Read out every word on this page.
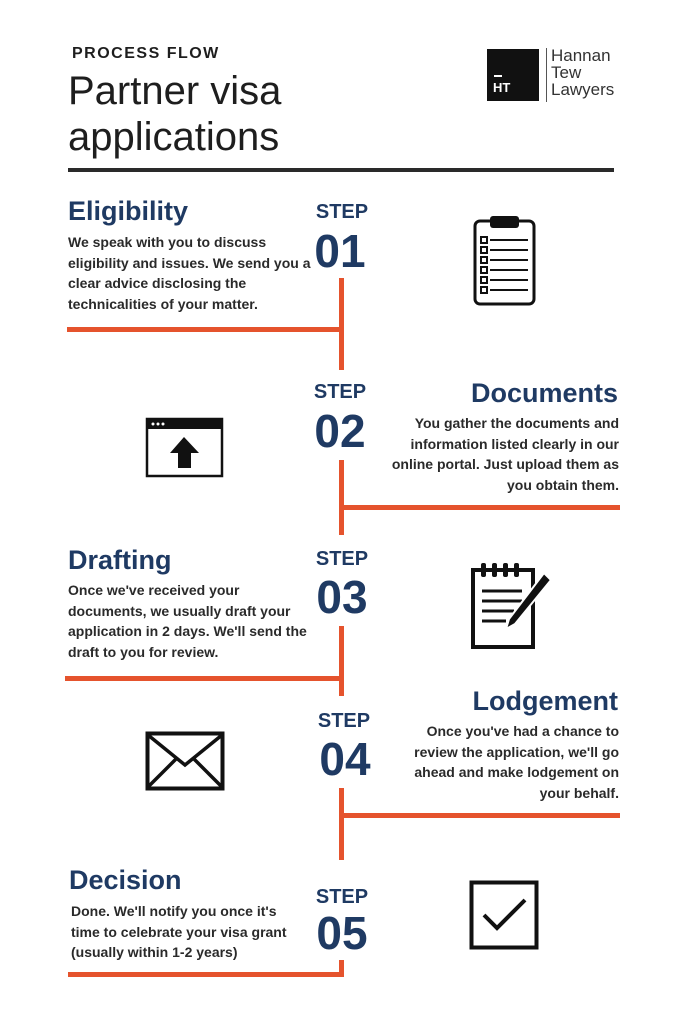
PROCESS FLOW
Partner visa applications
HT
Hannan
Tew
Lawyers
Eligibility
We speak with you to discuss eligibility and issues. We send you a clear advice disclosing the technicalities of your matter.
STEP
01
Documents
You gather the documents and information listed clearly in our online portal. Just upload them as you obtain them.
STEP
02
Drafting
Once we've received your documents, we usually draft your application in 2 days. We'll send the draft to you for review.
STEP
03
Lodgement
Once you've had a chance to review the application, we'll go ahead and make lodgement on your behalf.
STEP
04
Decision
Done. We'll notify you once it's time to celebrate your visa grant (usually within 1-2 years)
STEP
05
